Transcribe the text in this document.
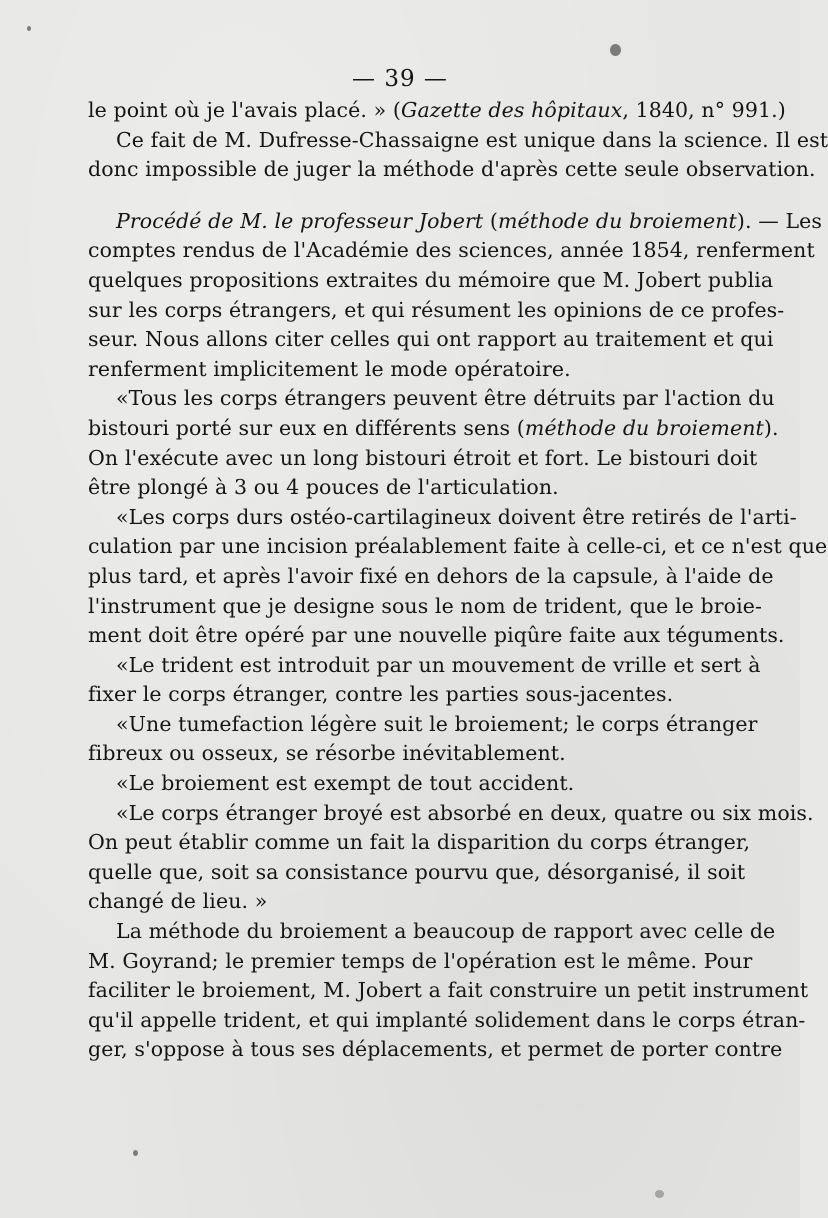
— 39 —
le point où je l'avais placé. » (Gazette des hôpitaux, 1840, n° 991.)
Ce fait de M. Dufresse-Chassaigne est unique dans la science. Il est
donc impossible de juger la méthode d'après cette seule observation.
Procédé de M. le professeur Jobert (méthode du broiement). — Les
comptes rendus de l'Académie des sciences, année 1854, renferment
quelques propositions extraites du mémoire que M. Jobert publia
sur les corps étrangers, et qui résument les opinions de ce profes-
seur. Nous allons citer celles qui ont rapport au traitement et qui
renferment implicitement le mode opératoire.
«Tous les corps étrangers peuvent être détruits par l'action du
bistouri porté sur eux en différents sens (méthode du broiement).
On l'exécute avec un long bistouri étroit et fort. Le bistouri doit
être plongé à 3 ou 4 pouces de l'articulation.
«Les corps durs ostéo-cartilagineux doivent être retirés de l'arti-
culation par une incision préalablement faite à celle-ci, et ce n'est que
plus tard, et après l'avoir fixé en dehors de la capsule, à l'aide de
l'instrument que je designe sous le nom de trident, que le broie-
ment doit être opéré par une nouvelle piqûre faite aux téguments.
«Le trident est introduit par un mouvement de vrille et sert à
fixer le corps étranger, contre les parties sous-jacentes.
«Une tumefaction légère suit le broiement; le corps étranger
fibreux ou osseux, se résorbe inévitablement.
«Le broiement est exempt de tout accident.
«Le corps étranger broyé est absorbé en deux, quatre ou six mois.
On peut établir comme un fait la disparition du corps étranger,
quelle que, soit sa consistance pourvu que, désorganisé, il soit
changé de lieu. »
La méthode du broiement a beaucoup de rapport avec celle de
M. Goyrand; le premier temps de l'opération est le même. Pour
faciliter le broiement, M. Jobert a fait construire un petit instrument
qu'il appelle trident, et qui implanté solidement dans le corps étran-
ger, s'oppose à tous ses déplacements, et permet de porter contre
